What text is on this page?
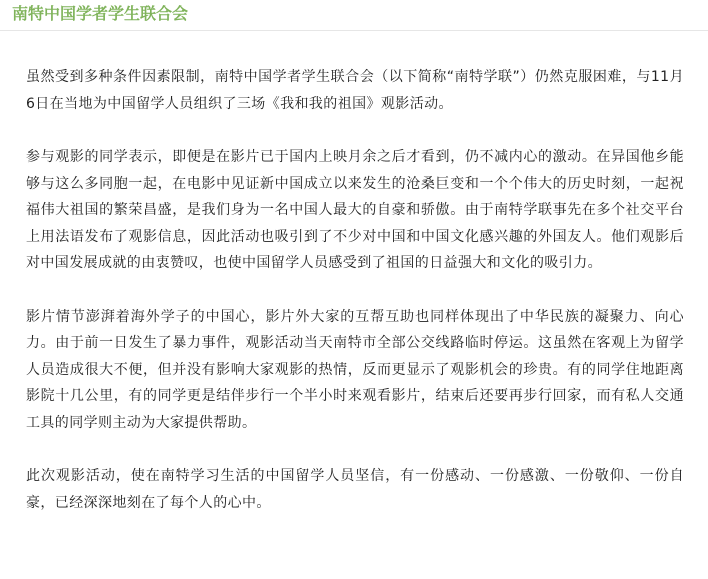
南特中国学者学生联合会

虽然受到多种条件因素限制，南特中国学者学生联合会（以下简称“南特学联”）仍然克服困难，与11月6日在当地为中国留学人员组织了三场《我和我的祖国》观影活动。

参与观影的同学表示，即便是在影片已于国内上映月余之后才看到，仍不减内心的激动。在异国他乡能够与这么多同胞一起，在电影中见证新中国成立以来发生的沧桑巨变和一个个伟大的历史时刻，一起祝福伟大祖国的繁荣昌盛，是我们身为一名中国人最大的自豪和骄傲。由于南特学联事先在多个社交平台上用法语发布了观影信息，因此活动也吸引到了不少对中国和中国文化感兴趣的外国友人。他们观影后对中国发展成就的由衷赞叹，也使中国留学人员感受到了祖国的日益强大和文化的吸引力。

影片情节澎湃着海外学子的中国心，影片外大家的互帮互助也同样体现出了中华民族的凝聚力、向心力。由于前一日发生了暴力事件，观影活动当天南特市全部公交线路临时停运。这虽然在客观上为留学人员造成很大不便，但并没有影响大家观影的热情，反而更显示了观影机会的珍贵。有的同学住地距离影院十几公里，有的同学更是结伴步行一个半小时来观看影片，结束后还要再步行回家，而有私人交通工具的同学则主动为大家提供帮助。

此次观影活动，使在南特学习生活的中国留学人员坚信，有一份感动、一份感激、一份敬仰、一份自豪，已经深深地刻在了每个人的心中。
